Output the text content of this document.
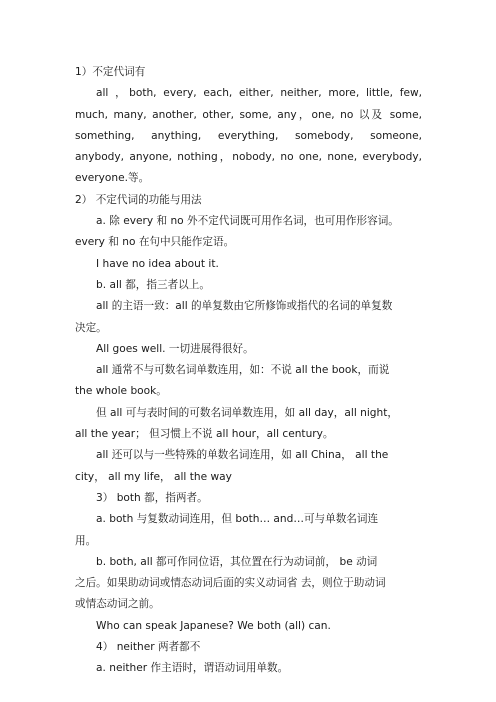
1）不定代词有
all ，both, every, each, either, neither, more, little, few,
much, many, another, other, some, any，one, no 以及 some,
something, anything, everything, somebody, someone,
anybody, anyone, nothing，nobody, no one, none, everybody,
everyone.等。
2） 不定代词的功能与用法
a. 除 every 和 no 外不定代词既可用作名词，也可用作形容词。
every 和 no 在句中只能作定语。
I have no idea about it.
b. all 都，指三者以上。
all 的主语一致：all 的单复数由它所修饰或指代的名词的单复数
决定。
All goes well. 一切进展得很好。
all 通常不与可数名词单数连用，如：不说 all the book，而说
the whole book。
但 all 可与表时间的可数名词单数连用，如 all day，all night，
all the year； 但习惯上不说 all hour，all century。
all 还可以与一些特殊的单数名词连用，如 all China， all the
city， all my life， all the way
3） both 都，指两者。
a. both 与复数动词连用，但 both… and…可与单数名词连
用。
b. both, all 都可作同位语，其位置在行为动词前， be 动词
之后。如果助动词或情态动词后面的实义动词省 去，则位于助动词
或情态动词之前。
Who can speak Japanese? We both (all) can.
4） neither 两者都不
a. neither 作主语时，谓语动词用单数。
